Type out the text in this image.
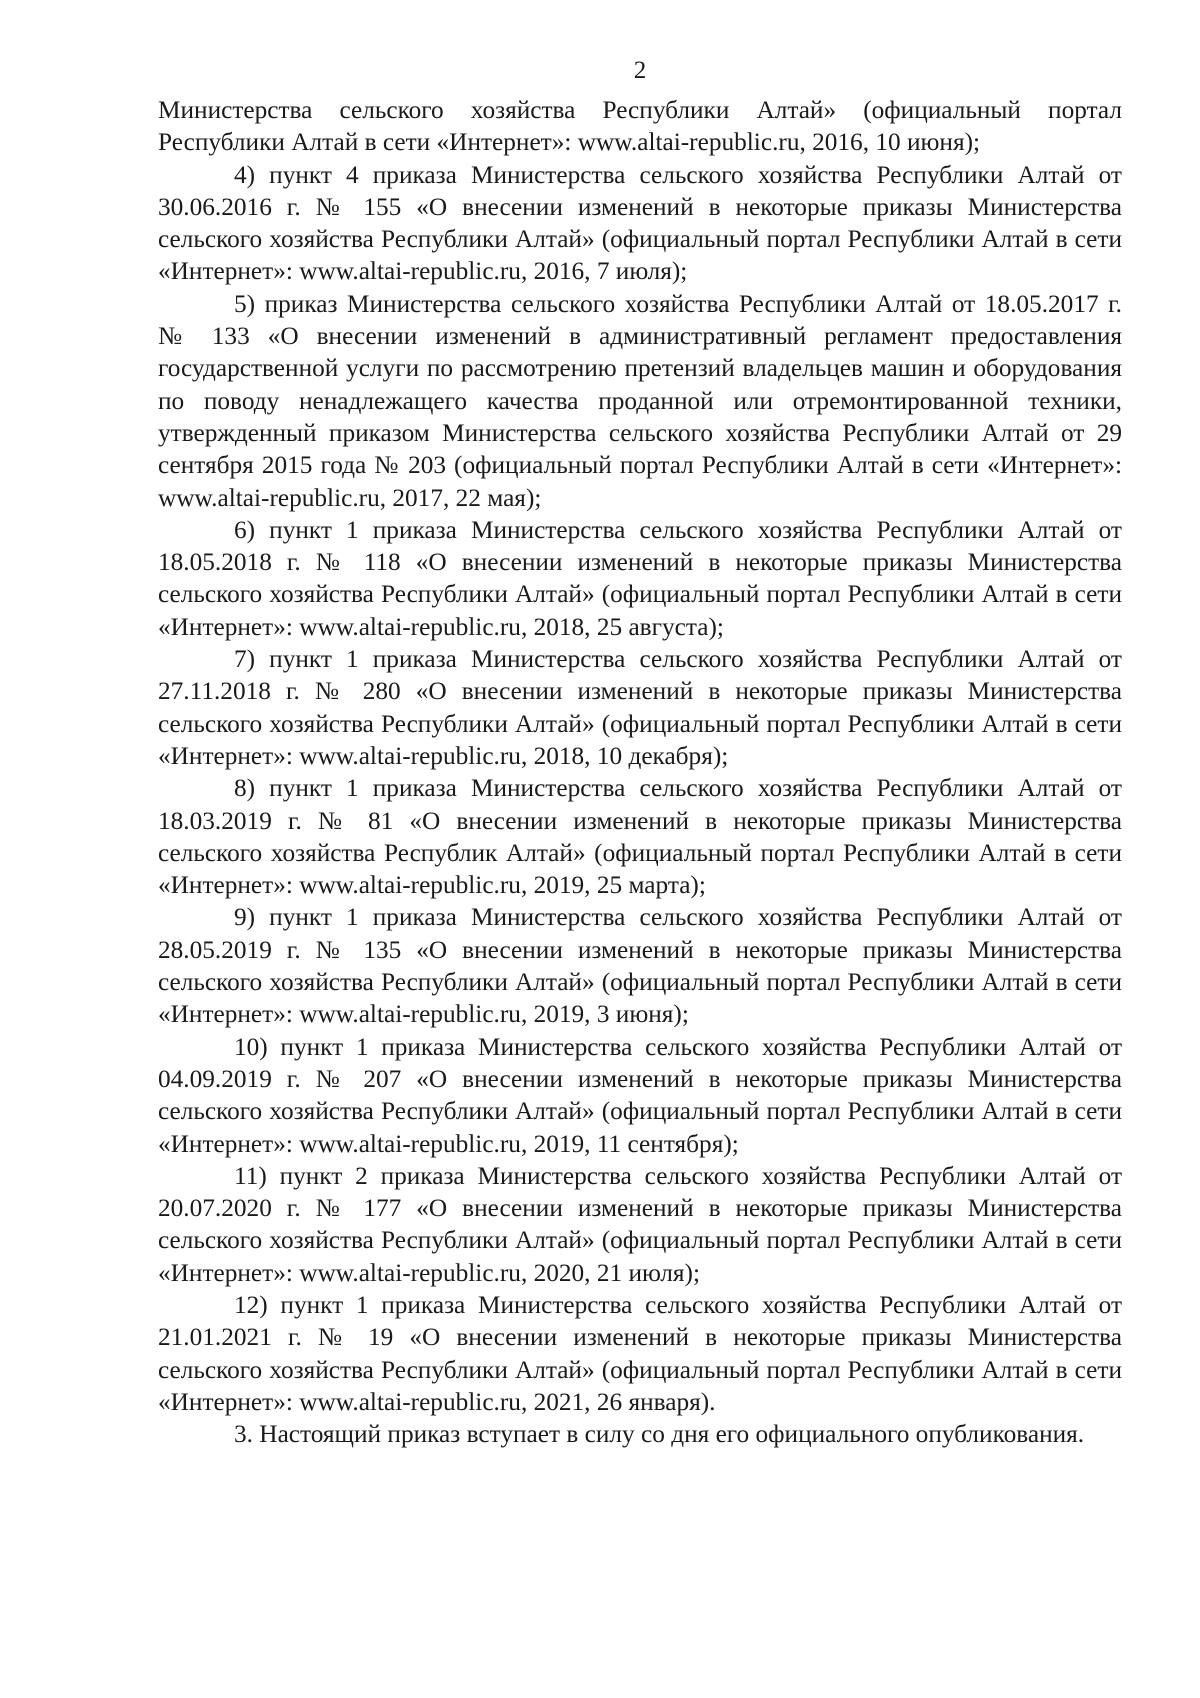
2

Министерства сельского хозяйства Республики Алтай» (официальный портал Республики Алтай в сети «Интернет»: www.altai-republic.ru, 2016, 10 июня);

4) пункт 4 приказа Министерства сельского хозяйства Республики Алтай от 30.06.2016 г. № 155 «О внесении изменений в некоторые приказы Министерства сельского хозяйства Республики Алтай» (официальный портал Республики Алтай в сети «Интернет»: www.altai-republic.ru, 2016, 7 июля);

5) приказ Министерства сельского хозяйства Республики Алтай от 18.05.2017 г. № 133 «О внесении изменений в административный регламент предоставления государственной услуги по рассмотрению претензий владельцев машин и оборудования по поводу ненадлежащего качества проданной или отремонтированной техники, утвержденный приказом Министерства сельского хозяйства Республики Алтай от 29 сентября 2015 года № 203 (официальный портал Республики Алтай в сети «Интернет»: www.altai-republic.ru, 2017, 22 мая);

6) пункт 1 приказа Министерства сельского хозяйства Республики Алтай от 18.05.2018 г. № 118 «О внесении изменений в некоторые приказы Министерства сельского хозяйства Республики Алтай» (официальный портал Республики Алтай в сети «Интернет»: www.altai-republic.ru, 2018, 25 августа);

7) пункт 1 приказа Министерства сельского хозяйства Республики Алтай от 27.11.2018 г. № 280 «О внесении изменений в некоторые приказы Министерства сельского хозяйства Республики Алтай» (официальный портал Республики Алтай в сети «Интернет»: www.altai-republic.ru, 2018, 10 декабря);

8) пункт 1 приказа Министерства сельского хозяйства Республики Алтай от 18.03.2019 г. № 81 «О внесении изменений в некоторые приказы Министерства сельского хозяйства Республик Алтай» (официальный портал Республики Алтай в сети «Интернет»: www.altai-republic.ru, 2019, 25 марта);

9) пункт 1 приказа Министерства сельского хозяйства Республики Алтай от 28.05.2019 г. № 135 «О внесении изменений в некоторые приказы Министерства сельского хозяйства Республики Алтай» (официальный портал Республики Алтай в сети «Интернет»: www.altai-republic.ru, 2019, 3 июня);

10) пункт 1 приказа Министерства сельского хозяйства Республики Алтай от 04.09.2019 г. № 207 «О внесении изменений в некоторые приказы Министерства сельского хозяйства Республики Алтай» (официальный портал Республики Алтай в сети «Интернет»: www.altai-republic.ru, 2019, 11 сентября);

11) пункт 2 приказа Министерства сельского хозяйства Республики Алтай от 20.07.2020 г. № 177 «О внесении изменений в некоторые приказы Министерства сельского хозяйства Республики Алтай» (официальный портал Республики Алтай в сети «Интернет»: www.altai-republic.ru, 2020, 21 июля);

12) пункт 1 приказа Министерства сельского хозяйства Республики Алтай от 21.01.2021 г. № 19 «О внесении изменений в некоторые приказы Министерства сельского хозяйства Республики Алтай» (официальный портал Республики Алтай в сети «Интернет»: www.altai-republic.ru, 2021, 26 января).

3. Настоящий приказ вступает в силу со дня его официального опубликования.
